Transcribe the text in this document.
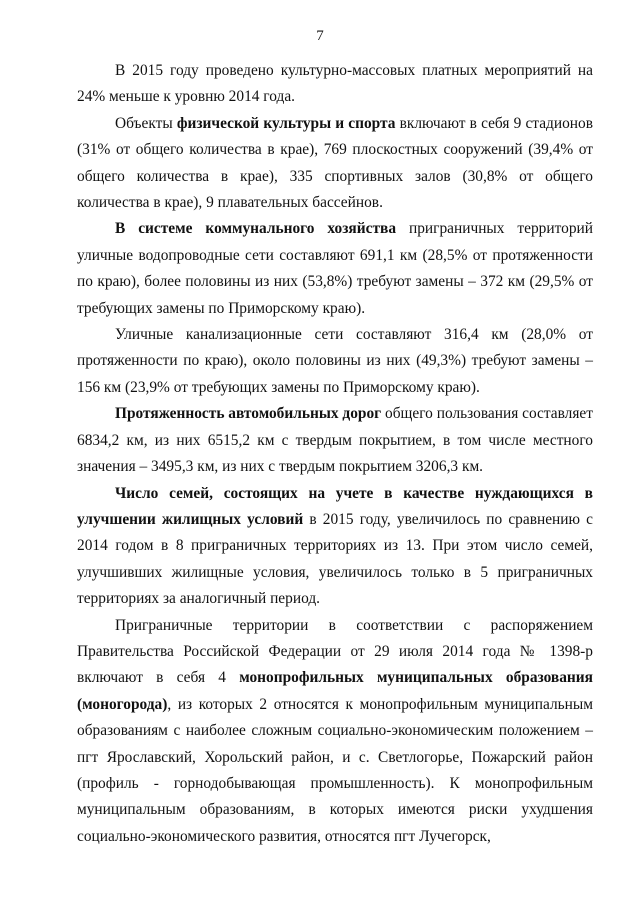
7

В 2015 году проведено культурно-массовых платных мероприятий на 24% меньше к уровню 2014 года.

Объекты физической культуры и спорта включают в себя 9 стадионов (31% от общего количества в крае), 769 плоскостных сооружений (39,4% от общего количества в крае), 335 спортивных залов (30,8% от общего количества в крае), 9 плавательных бассейнов.

В системе коммунального хозяйства приграничных территорий уличные водопроводные сети составляют 691,1 км (28,5% от протяженности по краю), более половины из них (53,8%) требуют замены – 372 км (29,5% от требующих замены по Приморскому краю).

Уличные канализационные сети составляют 316,4 км (28,0% от протяженности по краю), около половины из них (49,3%) требуют замены – 156 км (23,9% от требующих замены по Приморскому краю).

Протяженность автомобильных дорог общего пользования составляет 6834,2 км, из них 6515,2 км с твердым покрытием, в том числе местного значения – 3495,3 км, из них с твердым покрытием 3206,3 км.

Число семей, состоящих на учете в качестве нуждающихся в улучшении жилищных условий в 2015 году, увеличилось по сравнению с 2014 годом в 8 приграничных территориях из 13. При этом число семей, улучшивших жилищные условия, увеличилось только в 5 приграничных территориях за аналогичный период.

Приграничные территории в соответствии с распоряжением Правительства Российской Федерации от 29 июля 2014 года № 1398-р включают в себя 4 монопрофильных муниципальных образования (моногорода), из которых 2 относятся к монопрофильным муниципальным образованиям с наиболее сложным социально-экономическим положением – пгт Ярославский, Хорольский район, и с. Светлогорье, Пожарский район (профиль - горнодобывающая промышленность). К монопрофильным муниципальным образованиям, в которых имеются риски ухудшения социально-экономического развития, относятся пгт Лучегорск,
